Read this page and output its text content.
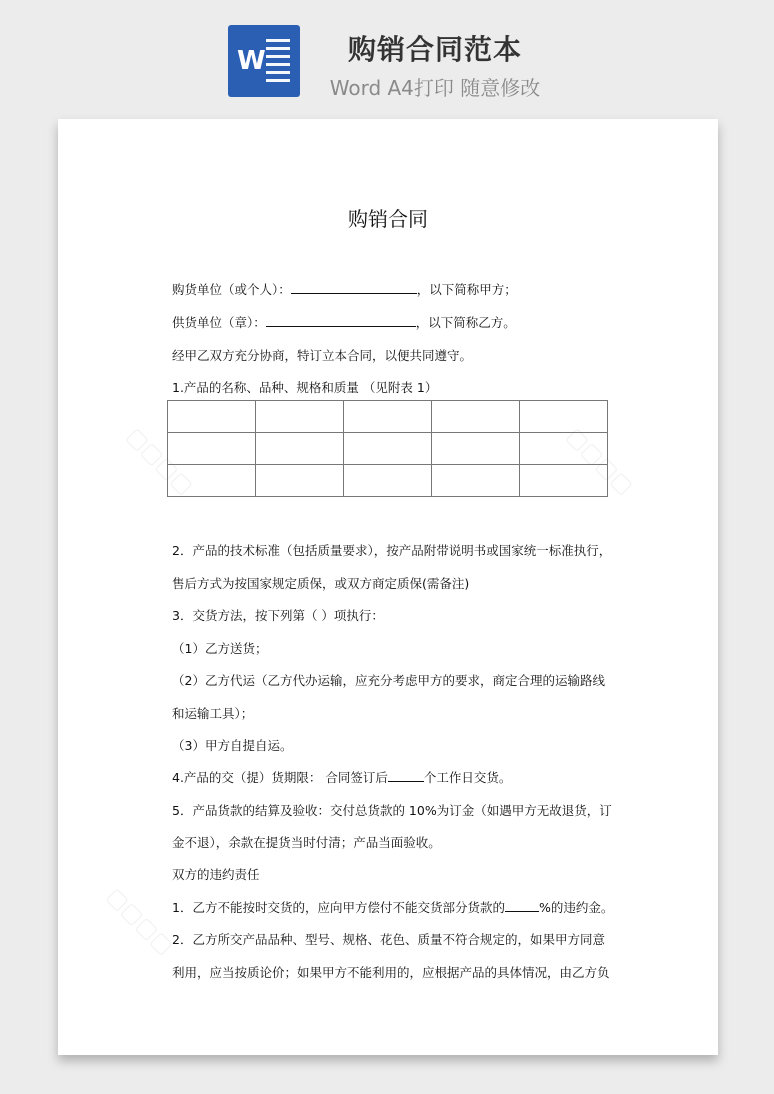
W	购销合同范本
Word A4打印 随意修改
▢▢▢▢	▢▢▢▢
▢▢▢▢
购销合同
购货单位（或个人）：	，以下简称甲方；
供货单位（章）：	，以下简称乙方。
经甲乙双方充分协商，特订立本合同，以便共同遵守。
1.产品的名称、品种、规格和质量 （见附表 1）

2．产品的技术标准（包括质量要求），按产品附带说明书或国家统一标准执行，
售后方式为按国家规定质保，或双方商定质保(需备注)
3．交货方法，按下列第（ ）项执行：
（1）乙方送货；
（2）乙方代运（乙方代办运输，应充分考虑甲方的要求，商定合理的运输路线
和运输工具）；
（3）甲方自提自运。
4.产品的交（提）货期限： 合同签订后	个工作日交货。
5．产品货款的结算及验收：交付总货款的 10%为订金（如遇甲方无故退货，订
金不退），余款在提货当时付清；产品当面验收。
双方的违约责任
1．乙方不能按时交货的，应向甲方偿付不能交货部分货款的	%的违约金。
2．乙方所交产品品种、型号、规格、花色、质量不符合规定的，如果甲方同意
利用，应当按质论价；如果甲方不能利用的，应根据产品的具体情况，由乙方负
